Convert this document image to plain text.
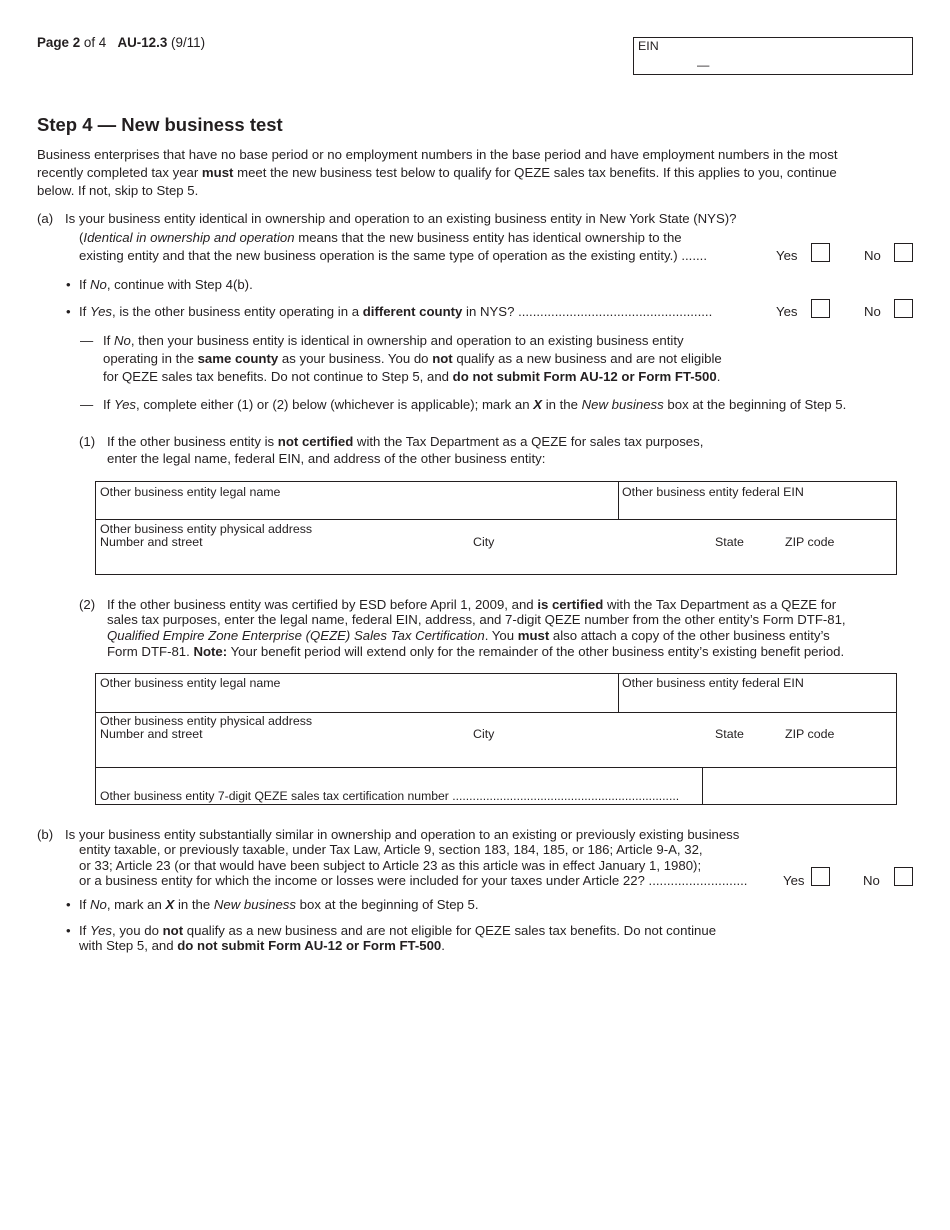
Page 2 of 4 AU-12.3 (9/11)	EIN
—
Step 4 — New business test
Business enterprises that have no base period or no employment numbers in the base period and have employment numbers in the most
recently completed tax year must meet the new business test below to qualify for QEZE sales tax benefits. If this applies to you, continue
below. If not, skip to Step 5.
(a) Is your business entity identical in ownership and operation to an existing business entity in New York State (NYS)?
(Identical in ownership and operation means that the new business entity has identical ownership to the
existing entity and that the new business operation is the same type of operation as the existing entity.) .......	Yes	No
• If No, continue with Step 4(b).
• If Yes, is the other business entity operating in a different county in NYS? .....................................................	Yes	No
— If No, then your business entity is identical in ownership and operation to an existing business entity
operating in the same county as your business. You do not qualify as a new business and are not eligible
for QEZE sales tax benefits. Do not continue to Step 5, and do not submit Form AU-12 or Form FT-500.
— If Yes, complete either (1) or (2) below (whichever is applicable); mark an X in the New business box at the beginning of Step 5.
(1) If the other business entity is not certified with the Tax Department as a QEZE for sales tax purposes,
enter the legal name, federal EIN, and address of the other business entity:
Other business entity legal name	Other business entity federal EIN
Other business entity physical address
Number and street	City	State	ZIP code
(2) If the other business entity was certified by ESD before April 1, 2009, and is certified with the Tax Department as a QEZE for
sales tax purposes, enter the legal name, federal EIN, address, and 7-digit QEZE number from the other entity’s Form DTF-81,
Qualified Empire Zone Enterprise (QEZE) Sales Tax Certification. You must also attach a copy of the other business entity’s
Form DTF-81. Note: Your benefit period will extend only for the remainder of the other business entity’s existing benefit period.
Other business entity legal name	Other business entity federal EIN
Other business entity physical address
Number and street	City	State	ZIP code
Other business entity 7-digit QEZE sales tax certification number ...................................................................
(b) Is your business entity substantially similar in ownership and operation to an existing or previously existing business
entity taxable, or previously taxable, under Tax Law, Article 9, section 183, 184, 185, or 186; Article 9-A, 32,
or 33; Article 23 (or that would have been subject to Article 23 as this article was in effect January 1, 1980);
or a business entity for which the income or losses were included for your taxes under Article 22? ...........................	Yes	No
• If No, mark an X in the New business box at the beginning of Step 5.
• If Yes, you do not qualify as a new business and are not eligible for QEZE sales tax benefits. Do not continue
with Step 5, and do not submit Form AU-12 or Form FT-500.
